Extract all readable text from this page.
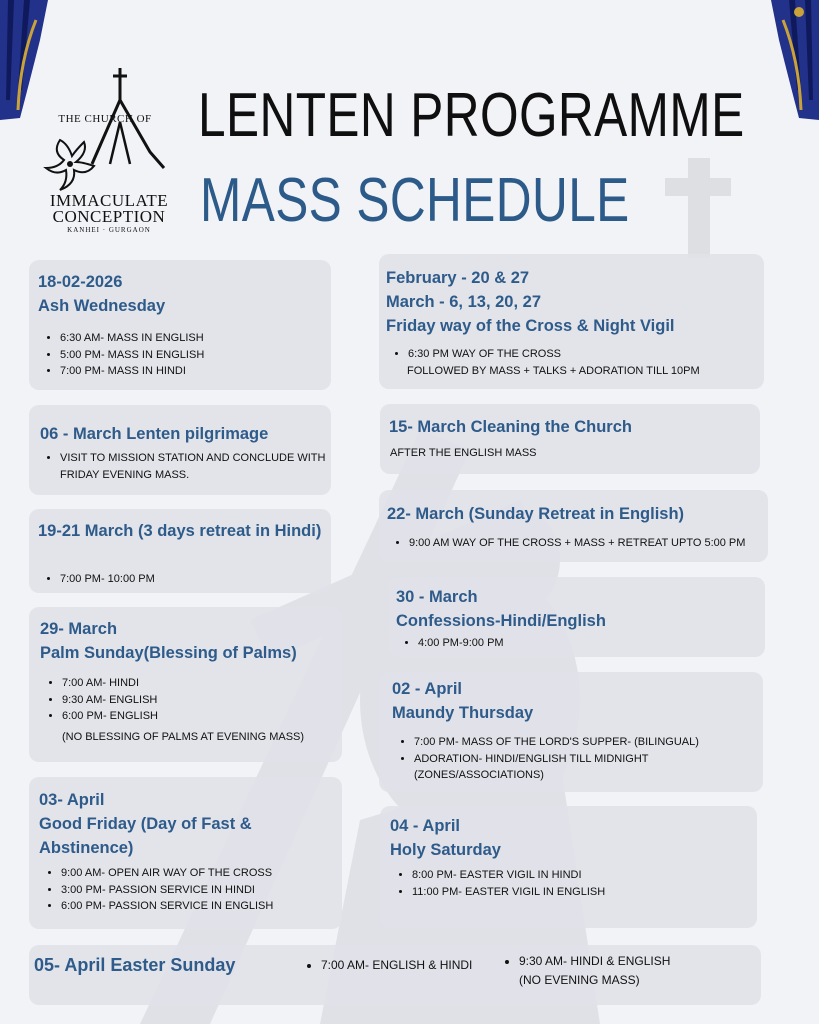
THE CHURCH OF
IMMACULATE
CONCEPTION
KANHEI · GURGAON
LENTEN PROGRAMME
MASS SCHEDULE
18-02-2026
Ash Wednesday
• 6:30 AM- MASS IN ENGLISH
• 5:00 PM- MASS IN ENGLISH
• 7:00 PM- MASS IN HINDI
February - 20 & 27
March - 6, 13, 20, 27
Friday way of the Cross & Night Vigil
• 6:30 PM WAY OF THE CROSS
FOLLOWED BY MASS + TALKS + ADORATION TILL 10PM
06 - March Lenten pilgrimage
• VISIT TO MISSION STATION AND CONCLUDE WITH FRIDAY EVENING MASS.
15- March Cleaning the Church
AFTER THE ENGLISH MASS
19-21 March (3 days retreat in Hindi)
• 7:00 PM- 10:00 PM
22- March (Sunday Retreat in English)
• 9:00 AM WAY OF THE CROSS + MASS + RETREAT UPTO 5:00 PM
30 - March
Confessions-Hindi/English
• 4:00 PM-9:00 PM
29- March
Palm Sunday(Blessing of Palms)
• 7:00 AM- HINDI
• 9:30 AM- ENGLISH
• 6:00 PM- ENGLISH
(NO BLESSING OF PALMS AT EVENING MASS)
02 - April
Maundy Thursday
• 7:00 PM- MASS OF THE LORD'S SUPPER- (BILINGUAL)
• ADORATION- HINDI/ENGLISH TILL MIDNIGHT (ZONES/ASSOCIATIONS)
03- April
Good Friday (Day of Fast & Abstinence)
• 9:00 AM- OPEN AIR WAY OF THE CROSS
• 3:00 PM- PASSION SERVICE IN HINDI
• 6:00 PM- PASSION SERVICE IN ENGLISH
04 - April
Holy Saturday
• 8:00 PM- EASTER VIGIL IN HINDI
• 11:00 PM- EASTER VIGIL IN ENGLISH
05- April Easter Sunday	• 7:00 AM- ENGLISH & HINDI	• 9:30 AM- HINDI & ENGLISH
(NO EVENING MASS)
